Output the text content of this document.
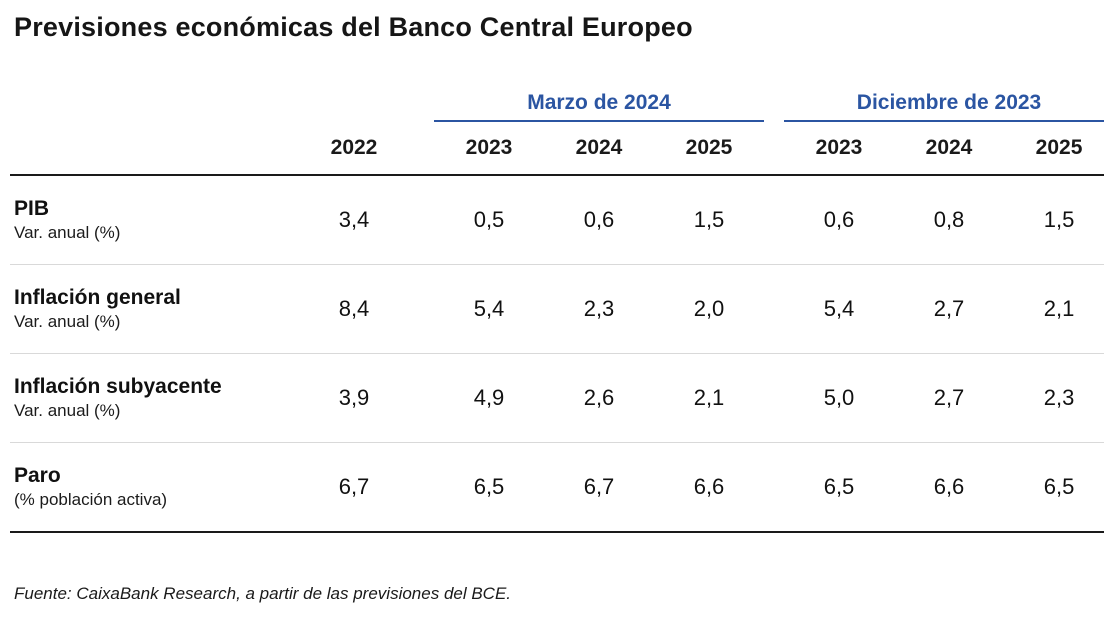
Previsiones económicas del Banco Central Europeo

			Marzo de 2024				Diciembre de 2023		

	2022		2023	2024	2025		2023	2024	2025

PIB
Var. anual (%)	3,4		0,5	0,6	1,5		0,6	0,8	1,5

Inflación general
Var. anual (%)	8,4		5,4	2,3	2,0		5,4	2,7	2,1

Inflación subyacente
Var. anual (%)	3,9		4,9	2,6	2,1		5,0	2,7	2,3

Paro
(% población activa)	6,7		6,5	6,7	6,6		6,5	6,6	6,5
Fuente: CaixaBank Research, a partir de las previsiones del BCE.
